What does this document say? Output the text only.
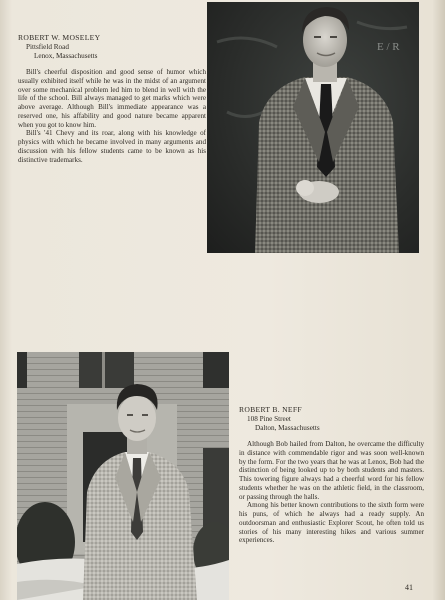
ROBERT W. MOSELEY
Pittsfield Road
Lenox, Massachusetts

Bill's cheerful disposition and good sense of humor which usually exhibited itself while he was in the midst of an argument over some mechanical problem led him to blend in well with the life of the school. Bill always managed to get marks which were above average. Although Bill's immediate appearance was a reserved one, his affability and good nature became apparent when you got to know him.

Bill's '41 Chevy and its roar, along with his knowledge of physics with which he became involved in many arguments and discussion with his fellow students came to be known as his distinctive trademarks.

E / R
ROBERT B. NEFF
108 Pine Street
Dalton, Massachusetts

Although Bob hailed from Dalton, he overcame the difficulty in distance with commendable rigor and was soon well-known by the form. For the two years that he was at Lenox, Bob had the distinction of being looked up to by both students and masters. This towering figure always had a cheerful word for his fellow students whether he was on the athletic field, in the classroom, or passing through the halls.

Among his better known contributions to the sixth form were his puns, of which he always had a ready supply. An outdoorsman and enthusiastic Explorer Scout, he often told us stories of his many interesting hikes and various summer experiences.

41
